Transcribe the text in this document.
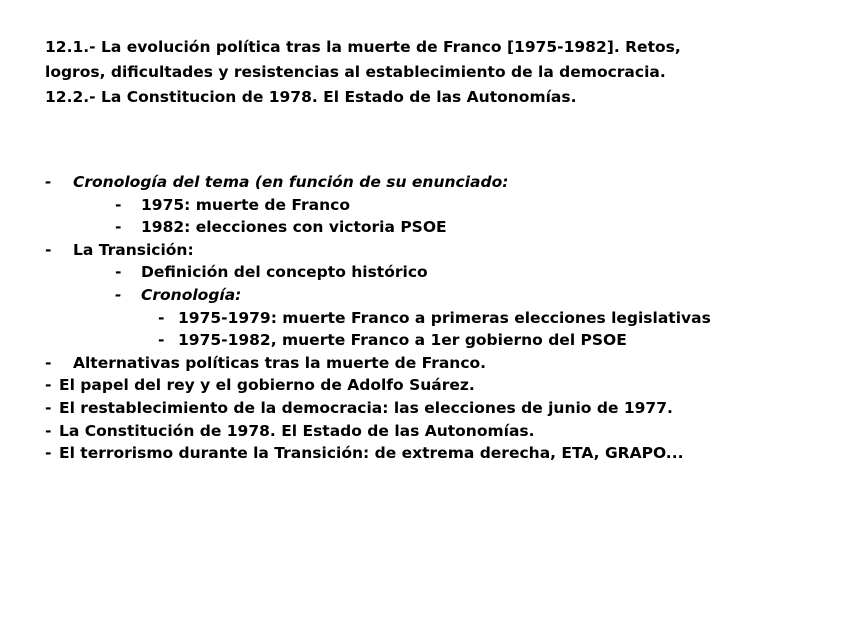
12.1.- La evolución política tras la muerte de Franco [1975-1982]. Retos,
logros, dificultades y resistencias al establecimiento de la democracia.
12.2.- La Constitucion de 1978. El Estado de las Autonomías.
-	Cronología del tema (en función de su enunciado:
-	1975: muerte de Franco
-	1982: elecciones con victoria PSOE
-	La Transición:
-	Definición del concepto histórico
-	Cronología:
- 1975-1979: muerte Franco a primeras elecciones legislativas
- 1975-1982, muerte Franco a 1er gobierno del PSOE
-	Alternativas políticas tras la muerte de Franco.
- El papel del rey y el gobierno de Adolfo Suárez.
- El restablecimiento de la democracia: las elecciones de junio de 1977.
- La Constitución de 1978. El Estado de las Autonomías.
- El terrorismo durante la Transición: de extrema derecha, ETA, GRAPO...
